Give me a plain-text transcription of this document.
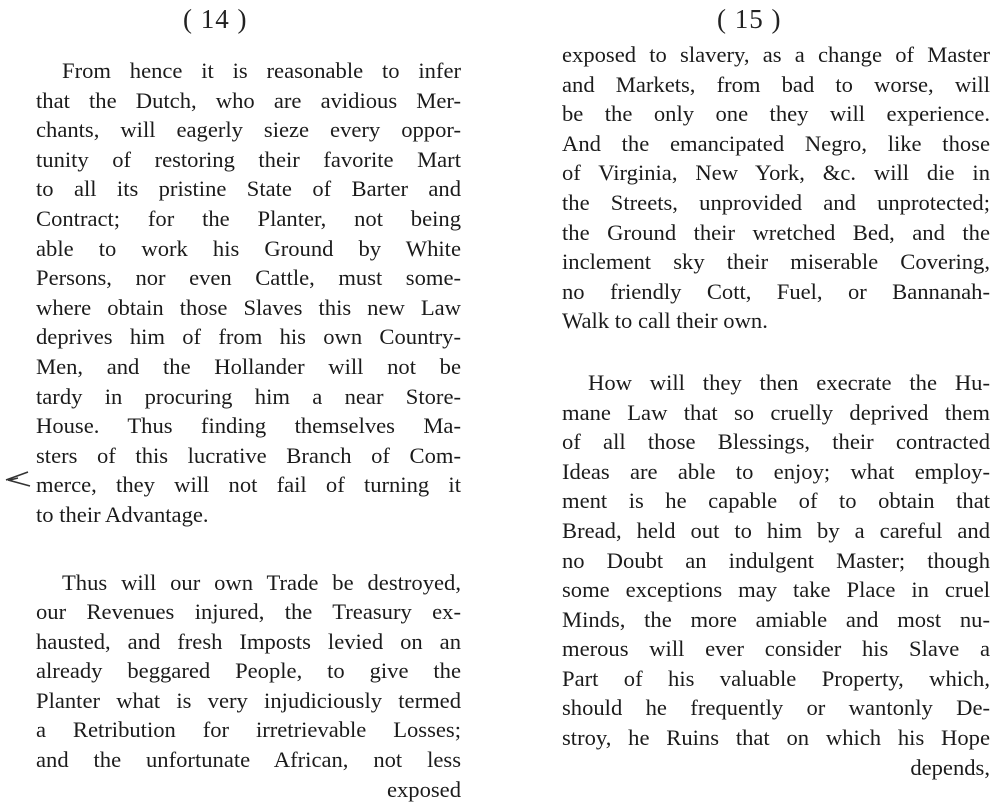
( 14 )
From hence it is reasonable to infer
that the Dutch, who are avidious Mer-
chants, will eagerly sieze every oppor-
tunity of restoring their favorite Mart
to all its pristine State of Barter and
Contract; for the Planter, not being
able to work his Ground by White
Persons, nor even Cattle, must some-
where obtain those Slaves this new Law
deprives him of from his own Country-
Men, and the Hollander will not be
tardy in procuring him a near Store-
House. Thus finding themselves Ma-
sters of this lucrative Branch of Com-
merce, they will not fail of turning it
to their Advantage.
Thus will our own Trade be destroyed,
our Revenues injured, the Treasury ex-
hausted, and fresh Imposts levied on an
already beggared People, to give the
Planter what is very injudiciously termed
a Retribution for irretrievable Losses;
and the unfortunate African, not less
exposed
( 15 )
exposed to slavery, as a change of Master
and Markets, from bad to worse, will
be the only one they will experience.
And the emancipated Negro, like those
of Virginia, New York, &c. will die in
the Streets, unprovided and unprotected;
the Ground their wretched Bed, and the
inclement sky their miserable Covering,
no friendly Cott, Fuel, or Bannanah-
Walk to call their own.
How will they then execrate the Hu-
mane Law that so cruelly deprived them
of all those Blessings, their contracted
Ideas are able to enjoy; what employ-
ment is he capable of to obtain that
Bread, held out to him by a careful and
no Doubt an indulgent Master; though
some exceptions may take Place in cruel
Minds, the more amiable and most nu-
merous will ever consider his Slave a
Part of his valuable Property, which,
should he frequently or wantonly De-
stroy, he Ruins that on which his Hope
depends,
